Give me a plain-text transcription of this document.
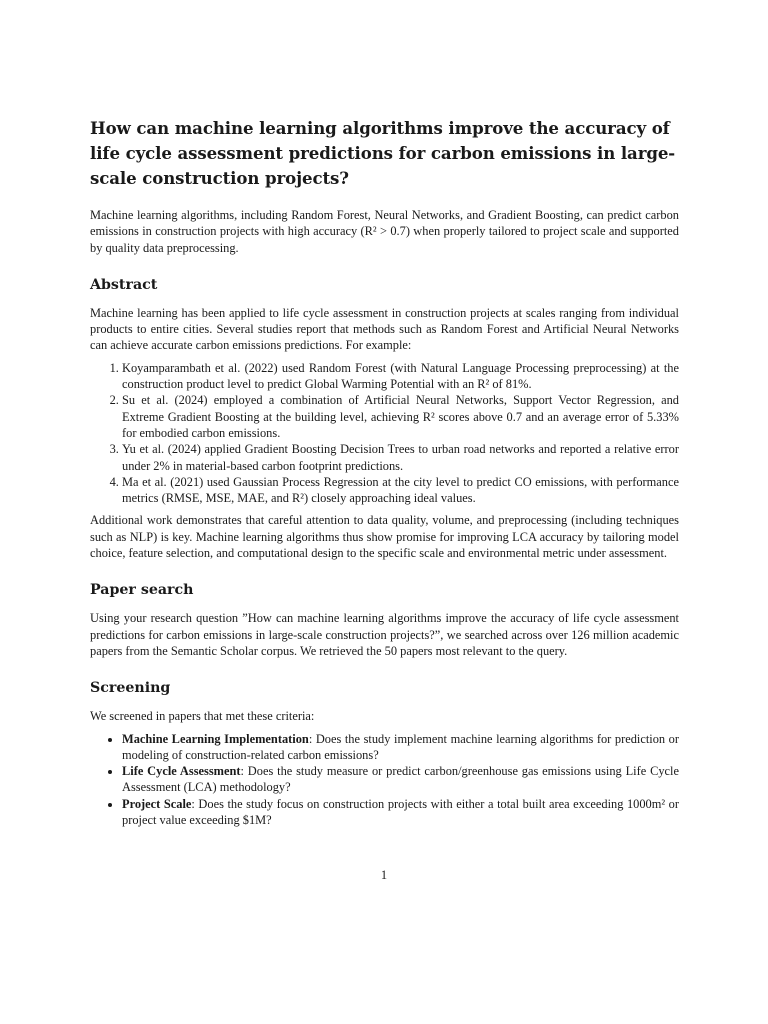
How can machine learning algorithms improve the accuracy of life cycle assessment predictions for carbon emissions in large-scale construction projects?

Machine learning algorithms, including Random Forest, Neural Networks, and Gradient Boosting, can predict carbon emissions in construction projects with high accuracy (R² > 0.7) when properly tailored to project scale and supported by quality data preprocessing.

Abstract

Machine learning has been applied to life cycle assessment in construction projects at scales ranging from individual products to entire cities. Several studies report that methods such as Random Forest and Artificial Neural Networks can achieve accurate carbon emissions predictions. For example:

1. Koyamparambath et al. (2022) used Random Forest (with Natural Language Processing preprocessing) at the construction product level to predict Global Warming Potential with an R² of 81%.
2. Su et al. (2024) employed a combination of Artificial Neural Networks, Support Vector Regression, and Extreme Gradient Boosting at the building level, achieving R² scores above 0.7 and an average error of 5.33% for embodied carbon emissions.
3. Yu et al. (2024) applied Gradient Boosting Decision Trees to urban road networks and reported a relative error under 2% in material-based carbon footprint predictions.
4. Ma et al. (2021) used Gaussian Process Regression at the city level to predict CO emissions, with performance metrics (RMSE, MSE, MAE, and R²) closely approaching ideal values.

Additional work demonstrates that careful attention to data quality, volume, and preprocessing (including techniques such as NLP) is key. Machine learning algorithms thus show promise for improving LCA accuracy by tailoring model choice, feature selection, and computational design to the specific scale and environmental metric under assessment.

Paper search

Using your research question ”How can machine learning algorithms improve the accuracy of life cycle assessment predictions for carbon emissions in large-scale construction projects?”, we searched across over 126 million academic papers from the Semantic Scholar corpus. We retrieved the 50 papers most relevant to the query.

Screening

We screened in papers that met these criteria:

• Machine Learning Implementation: Does the study implement machine learning algorithms for prediction or modeling of construction-related carbon emissions?
• Life Cycle Assessment: Does the study measure or predict carbon/greenhouse gas emissions using Life Cycle Assessment (LCA) methodology?
• Project Scale: Does the study focus on construction projects with either a total built area exceeding 1000m² or project value exceeding $1M?
1
